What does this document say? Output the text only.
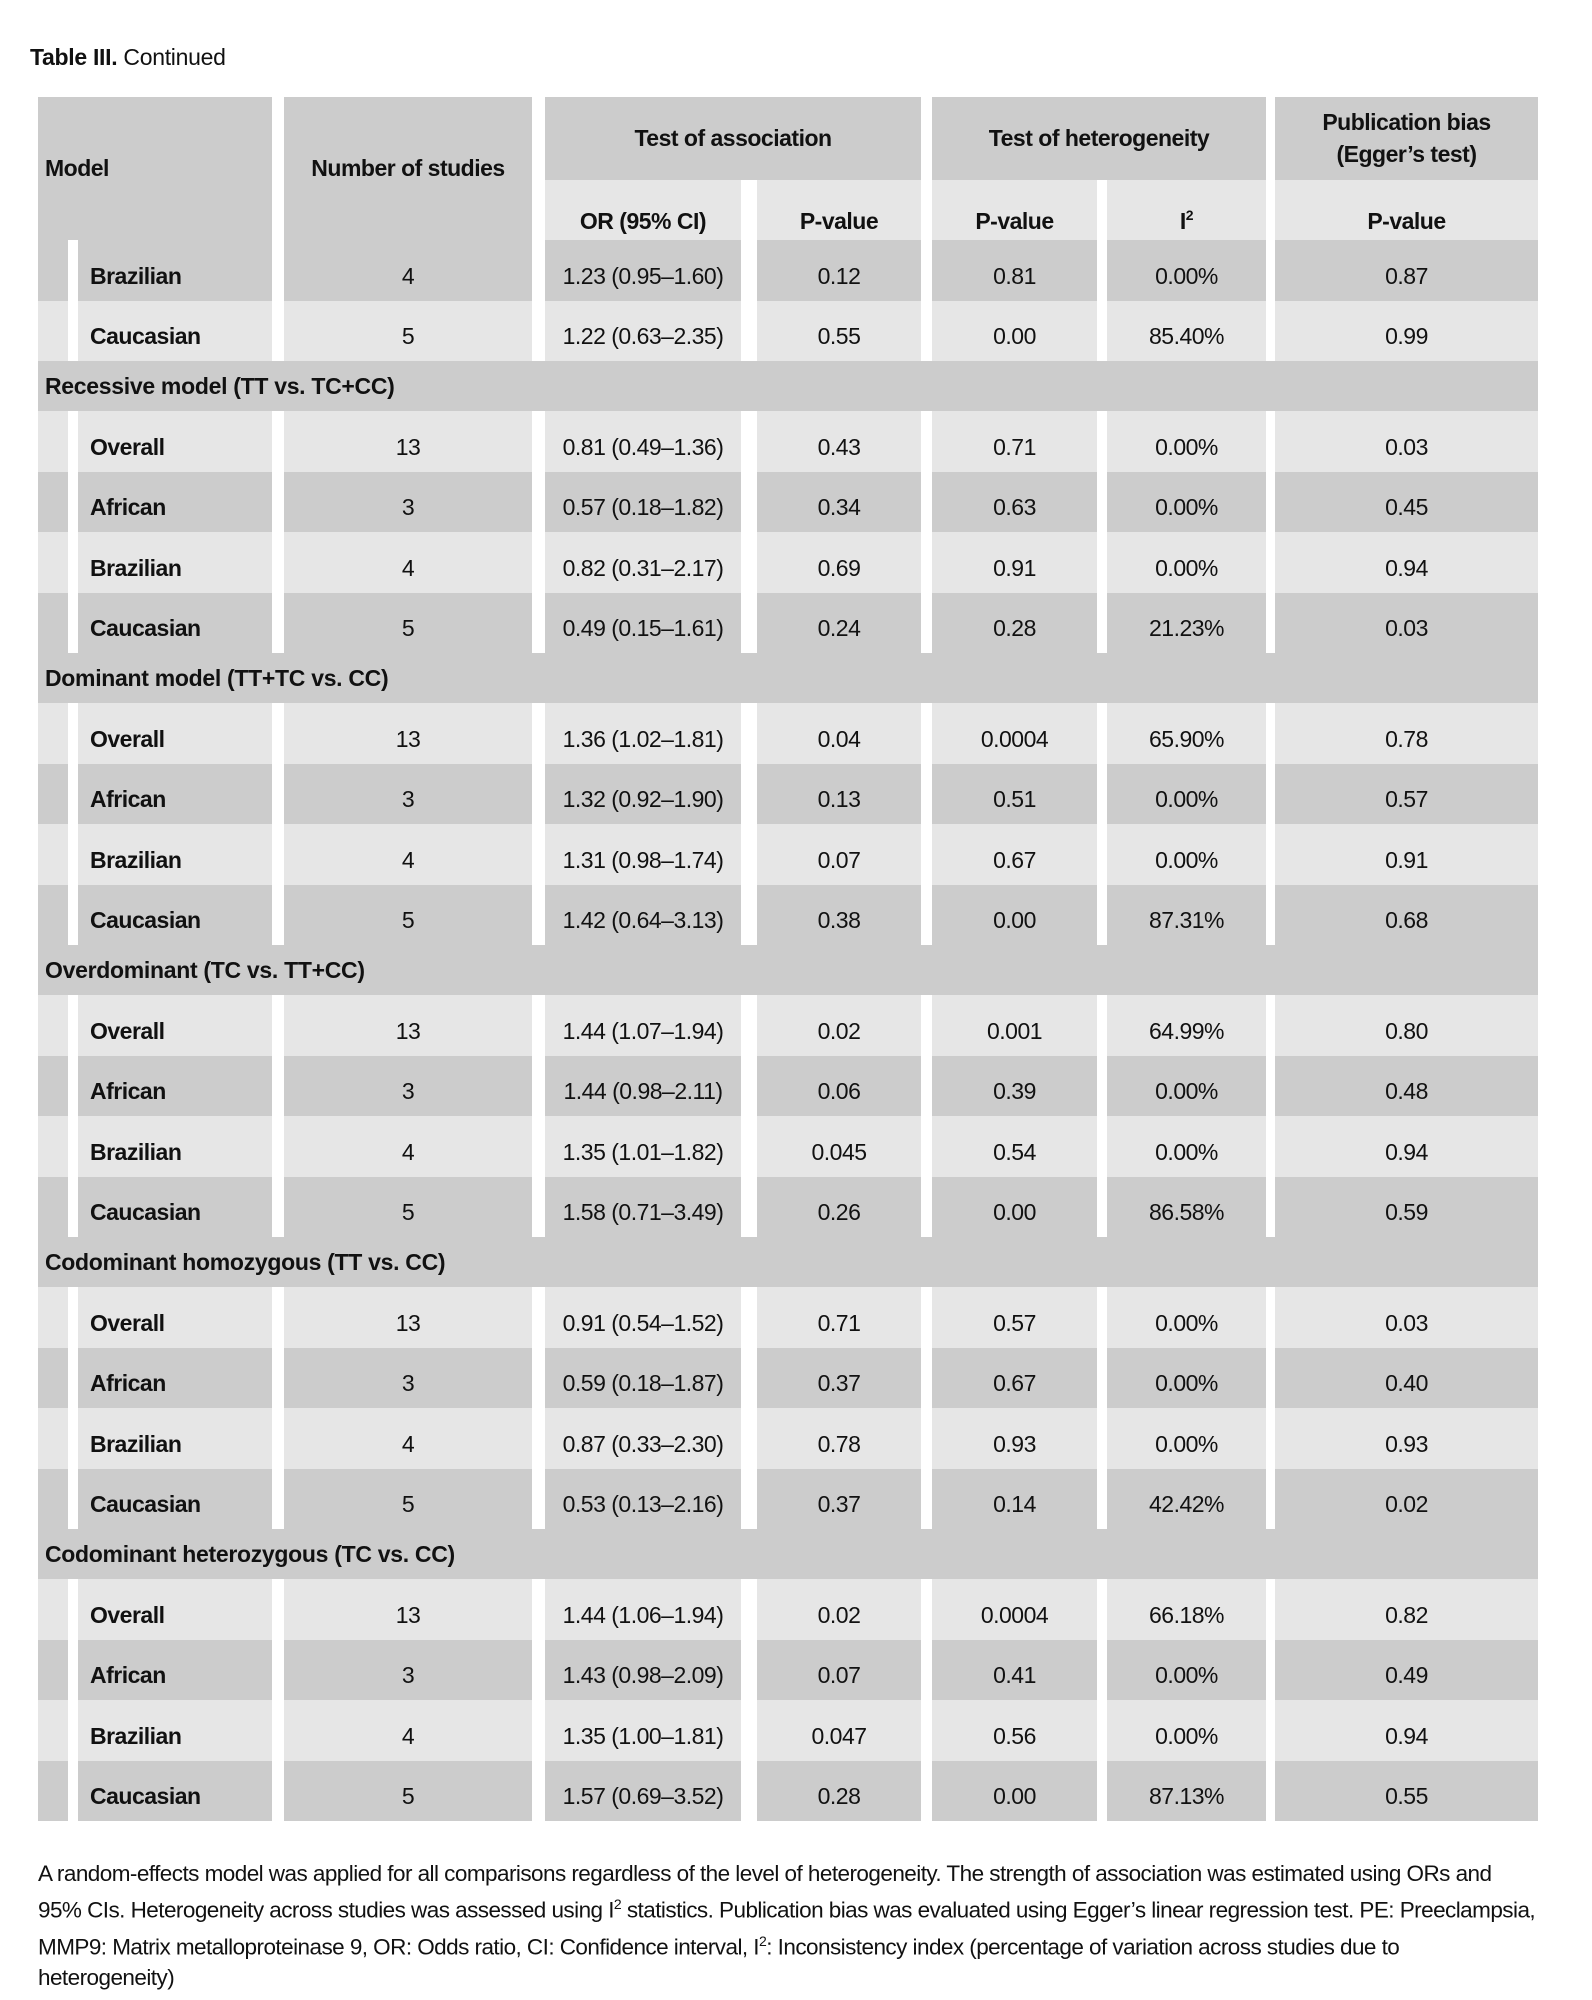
Table III. Continued
Model	Number of studies
Test of association	Test of heterogeneity
Publication bias
(Egger’s test)
OR (95% CI)	P-value	P-value	$I^2$	P-value
Brazilian	4	1.23 (0.95–1.60)	0.12	0.81	0.00%	0.87
Caucasian	5	1.22 (0.63–2.35)	0.55	0.00	85.40%	0.99
Recessive model (TT vs. TC+CC)
Overall	13	0.81 (0.49–1.36)	0.43	0.71	0.00%	0.03
African	3	0.57 (0.18–1.82)	0.34	0.63	0.00%	0.45
Brazilian	4	0.82 (0.31–2.17)	0.69	0.91	0.00%	0.94
Caucasian	5	0.49 (0.15–1.61)	0.24	0.28	21.23%	0.03
Dominant model (TT+TC vs. CC)
Overall	13	1.36 (1.02–1.81)	0.04	0.0004	65.90%	0.78
African	3	1.32 (0.92–1.90)	0.13	0.51	0.00%	0.57
Brazilian	4	1.31 (0.98–1.74)	0.07	0.67	0.00%	0.91
Caucasian	5	1.42 (0.64–3.13)	0.38	0.00	87.31%	0.68
Overdominant (TC vs. TT+CC)
Overall	13	1.44 (1.07–1.94)	0.02	0.001	64.99%	0.80
African	3	1.44 (0.98–2.11)	0.06	0.39	0.00%	0.48
Brazilian	4	1.35 (1.01–1.82)	0.045	0.54	0.00%	0.94
Caucasian	5	1.58 (0.71–3.49)	0.26	0.00	86.58%	0.59
Codominant homozygous (TT vs. CC)
Overall	13	0.91 (0.54–1.52)	0.71	0.57	0.00%	0.03
African	3	0.59 (0.18–1.87)	0.37	0.67	0.00%	0.40
Brazilian	4	0.87 (0.33–2.30)	0.78	0.93	0.00%	0.93
Caucasian	5	0.53 (0.13–2.16)	0.37	0.14	42.42%	0.02
Codominant heterozygous (TC vs. CC)
Overall	13	1.44 (1.06–1.94)	0.02	0.0004	66.18%	0.82
African	3	1.43 (0.98–2.09)	0.07	0.41	0.00%	0.49
Brazilian	4	1.35 (1.00–1.81)	0.047	0.56	0.00%	0.94
Caucasian	5	1.57 (0.69–3.52)	0.28	0.00	87.13%	0.55
A random-effects model was applied for all comparisons regardless of the level of heterogeneity. The strength of association was estimated using ORs and 95% CIs. Heterogeneity across studies was assessed using $I^2$ statistics. Publication bias was evaluated using Egger’s linear regression test. PE: Preeclampsia, MMP9: Matrix metalloproteinase 9, OR: Odds ratio, CI: Confidence interval, $I^2$: Inconsistency index (percentage of variation across studies due to heterogeneity)
